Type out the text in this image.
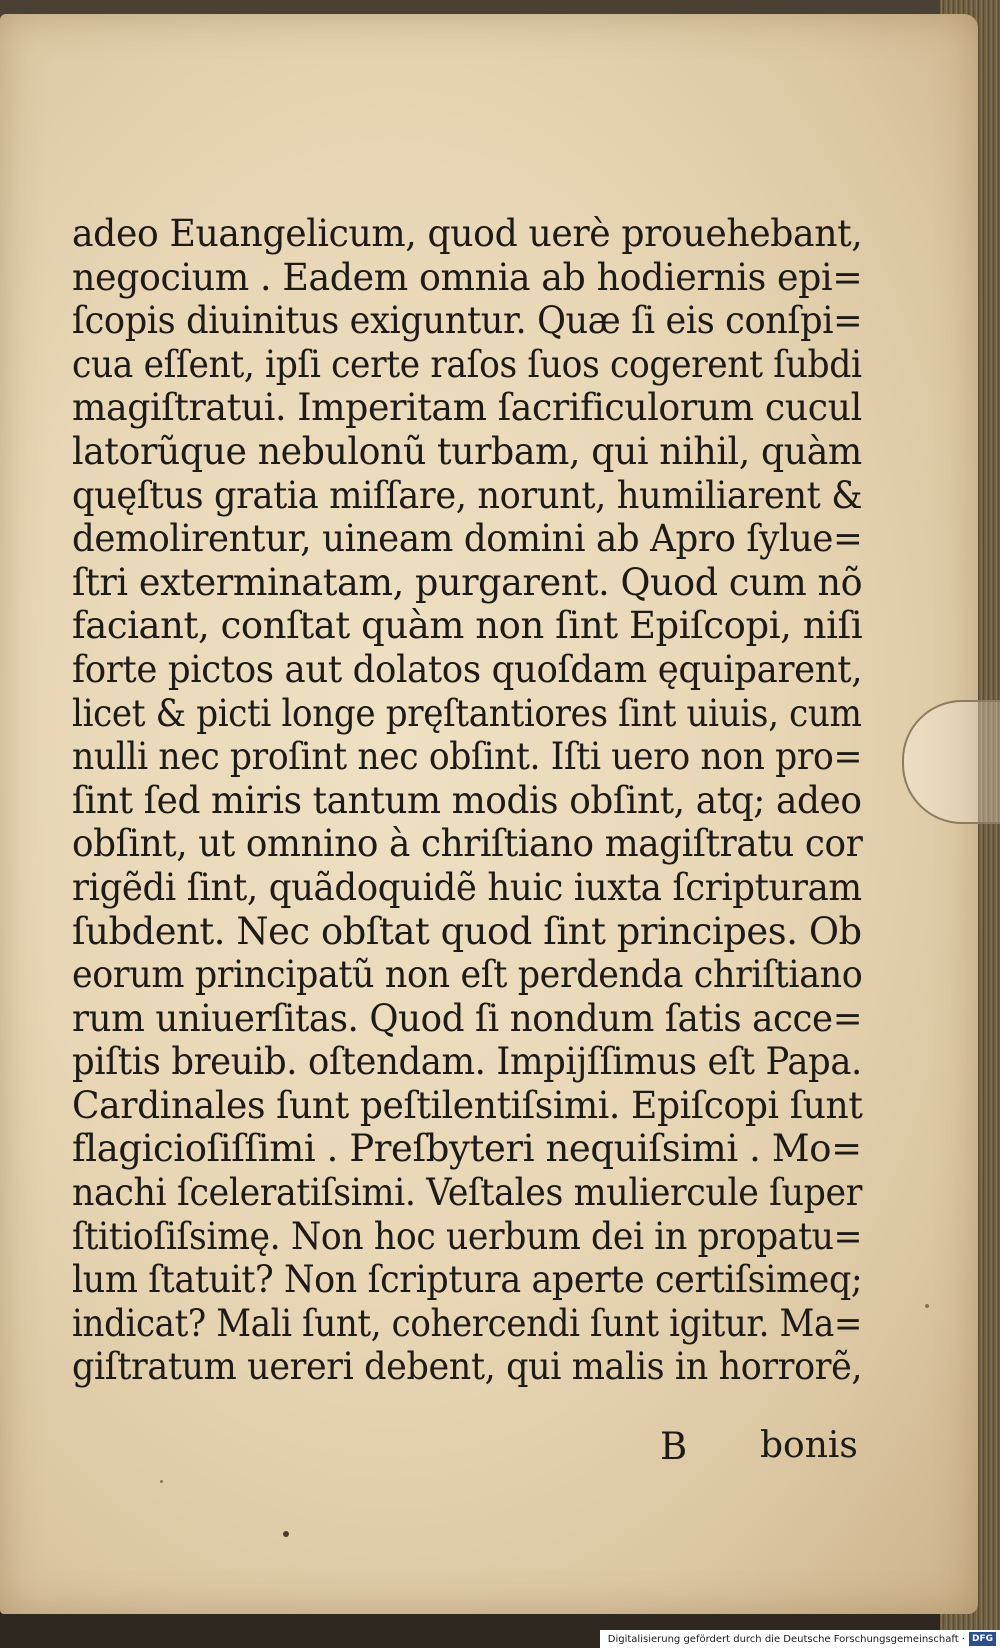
adeo Euangelicum, quod uerè prouehebant,
negocium . Eadem omnia ab hodiernis epi=
ſcopis diuinitus exiguntur. Quæ ſi eis conſpi=
cua eſſent, ipſi certe raſos ſuos cogerent ſubdi
magiſtratui. Imperitam ſacrificulorum cucul
latorũque nebulonũ turbam, qui nihil, quàm
quęſtus gratia miſſare, norunt, humiliarent &
demolirentur, uineam domini ab Apro ſylue=
ſtri exterminatam, purgarent. Quod cum nõ
faciant, conſtat quàm non ſint Epiſcopi, niſi
forte pictos aut dolatos quoſdam ęquiparent,
licet & picti longe pręſtantiores ſint uiuis, cum
nulli nec proſint nec obſint. Iſti uero non pro=
ſint ſed miris tantum modis obſint, atq; adeo
obſint, ut omnino à chriſtiano magiſtratu cor
rigẽdi ſint, quãdoquidẽ huic iuxta ſcripturam
ſubdent. Nec obſtat quod ſint principes. Ob
eorum principatũ non eſt perdenda chriſtiano
rum uniuerſitas. Quod ſi nondum ſatis acce=
piſtis breuib. oſtendam. Impijſſimus eſt Papa.
Cardinales ſunt peſtilentiſsimi. Epiſcopi ſunt
flagicioſiſſimi . Preſbyteri nequiſsimi . Mo=
nachi ſceleratiſsimi. Veſtales muliercule ſuper
ſtitioſiſsimę. Non hoc uerbum dei in propatu=
lum ſtatuit? Non ſcriptura aperte certiſsimeq;
indicat? Mali ſunt, cohercendi ſunt igitur. Ma=
giſtratum uereri debent, qui malis in horrorẽ,
B bonis
Digitalisierung gefördert durch die Deutsche Forschungsgemeinschaft · DFG
